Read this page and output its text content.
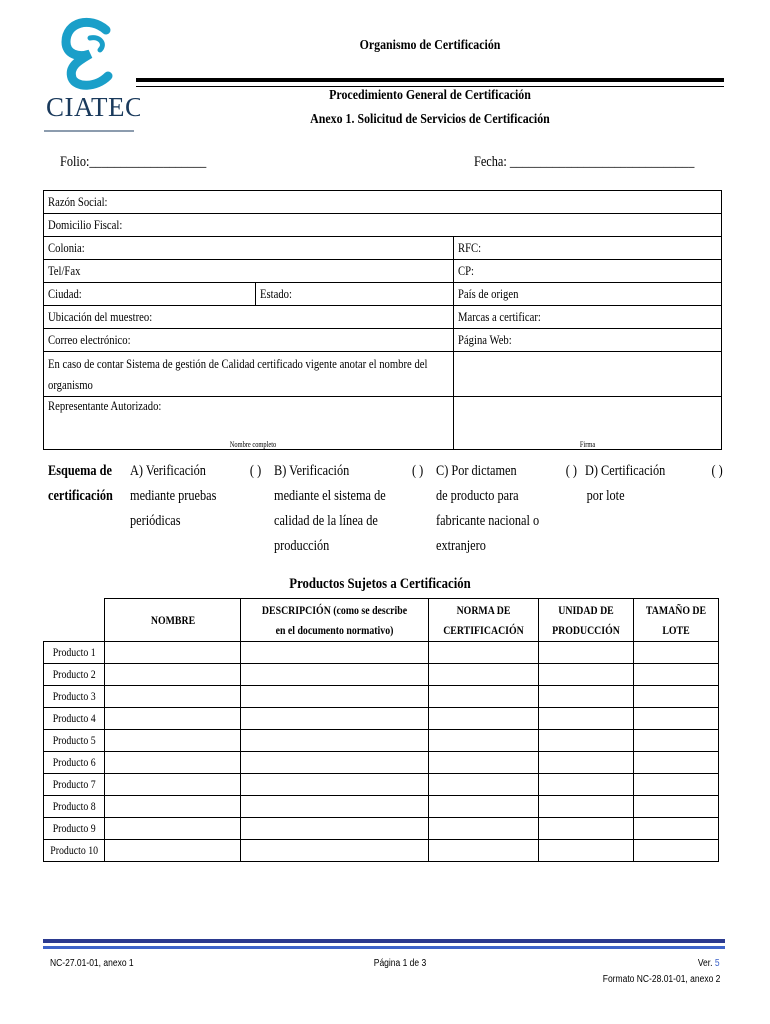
CIATEC
Organismo de Certificación
Procedimiento General de Certificación
Anexo 1. Solicitud de Servicios de Certificación
Folio:___________________	Fecha: ______________________________
Razón Social:		
Domicilio Fiscal:		
Colonia:		RFC:
Tel/Fax		CP:
Ciudad:	Estado:	País de origen
Ubicación del muestreo:		Marcas a certificar:
Correo electrónico:		Página Web:
En caso de contar Sistema de gestión de Calidad certificado vigente anotar el nombre del organismo		
Representante Autorizado:
Nombre completo		Firma
Esquema de
certificación
A) Verificación	( )
mediante pruebas
periódicas
B) Verificación	( )
mediante el sistema de
calidad de la línea de
producción
C) Por dictamen	( )
de producto para
fabricante nacional o
extranjero
D) Certificación	( )
por lote
Productos Sujetos a Certificación
	NOMBRE	DESCRIPCIÓN (como se describe en el documento normativo)	NORMA DE CERTIFICACIÓN	UNIDAD DE PRODUCCIÓN	TAMAÑO DE LOTE
Producto 1					
Producto 2					
Producto 3					
Producto 4					
Producto 5					
Producto 6					
Producto 7					
Producto 8					
Producto 9					
Producto 10					
NC-27.01-01, anexo 1	Página 1 de 3	Ver. 5
Formato NC-28.01-01, anexo 2
